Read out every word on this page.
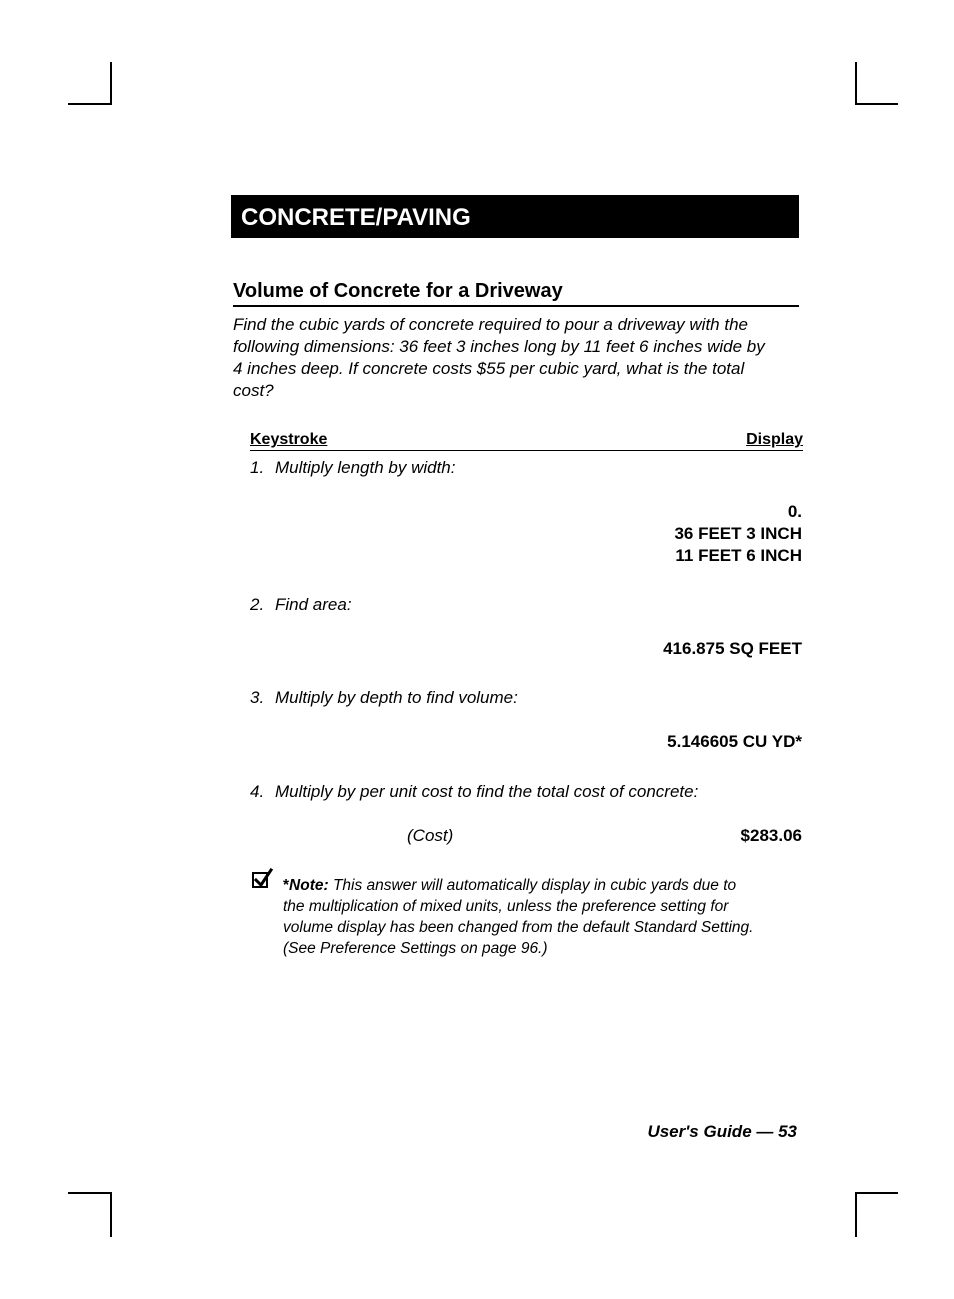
CONCRETE/PAVING
Volume of Concrete for a Driveway
Find the cubic yards of concrete required to pour a driveway with the
following dimensions: 36 feet 3 inches long by 11 feet 6 inches wide by
4 inches deep. If concrete costs $55 per cubic yard, what is the total
cost?
Keystroke	Display
1. Multiply length by width:
0.
36 FEET 3 INCH
11 FEET 6 INCH
2. Find area:
416.875 SQ FEET
3. Multiply by depth to find volume:
5.146605 CU YD*
4. Multiply by per unit cost to find the total cost of concrete:
(Cost)	$283.06
*Note: This answer will automatically display in cubic yards due to
the multiplication of mixed units, unless the preference setting for
volume display has been changed from the default Standard Setting.
(See Preference Settings on page 96.)
User's Guide — 53
